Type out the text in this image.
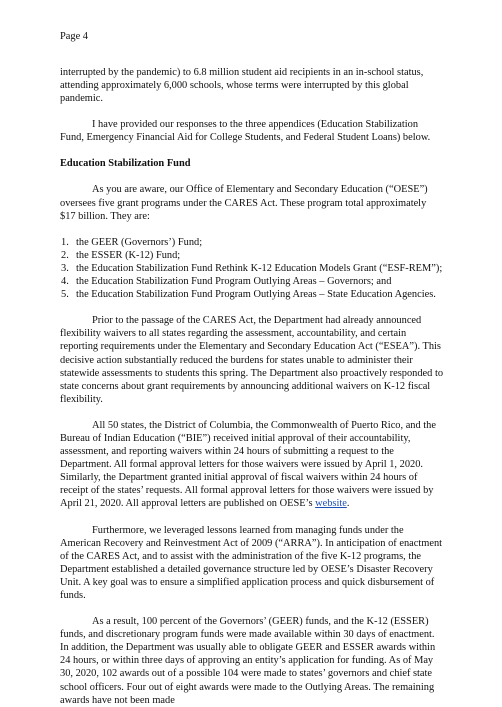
Page 4

interrupted by the pandemic) to 6.8 million student aid recipients in an in-school status, attending approximately 6,000 schools, whose terms were interrupted by this global pandemic.

I have provided our responses to the three appendices (Education Stabilization Fund, Emergency Financial Aid for College Students, and Federal Student Loans) below.

Education Stabilization Fund

As you are aware, our Office of Elementary and Secondary Education (“OESE”) oversees five grant programs under the CARES Act. These program total approximately $17 billion. They are:

1. the GEER (Governors’) Fund;
2. the ESSER (K-12) Fund;
3. the Education Stabilization Fund Rethink K-12 Education Models Grant (“ESF-REM”);
4. the Education Stabilization Fund Program Outlying Areas – Governors; and
5. the Education Stabilization Fund Program Outlying Areas – State Education Agencies.

Prior to the passage of the CARES Act, the Department had already announced flexibility waivers to all states regarding the assessment, accountability, and certain reporting requirements under the Elementary and Secondary Education Act (“ESEA”). This decisive action substantially reduced the burdens for states unable to administer their statewide assessments to students this spring. The Department also proactively responded to state concerns about grant requirements by announcing additional waivers on K-12 fiscal flexibility.

All 50 states, the District of Columbia, the Commonwealth of Puerto Rico, and the Bureau of Indian Education (“BIE”) received initial approval of their accountability, assessment, and reporting waivers within 24 hours of submitting a request to the Department. All formal approval letters for those waivers were issued by April 1, 2020. Similarly, the Department granted initial approval of fiscal waivers within 24 hours of receipt of the states’ requests. All formal approval letters for those waivers were issued by April 21, 2020. All approval letters are published on OESE’s website.

Furthermore, we leveraged lessons learned from managing funds under the American Recovery and Reinvestment Act of 2009 (“ARRA”). In anticipation of enactment of the CARES Act, and to assist with the administration of the five K-12 programs, the Department established a detailed governance structure led by OESE’s Disaster Recovery Unit. A key goal was to ensure a simplified application process and quick disbursement of funds.

As a result, 100 percent of the Governors’ (GEER) funds, and the K-12 (ESSER) funds, and discretionary program funds were made available within 30 days of enactment. In addition, the Department was usually able to obligate GEER and ESSER awards within 24 hours, or within three days of approving an entity’s application for funding. As of May 30, 2020, 102 awards out of a possible 104 were made to states’ governors and chief state school officers. Four out of eight awards were made to the Outlying Areas. The remaining awards have not been made
